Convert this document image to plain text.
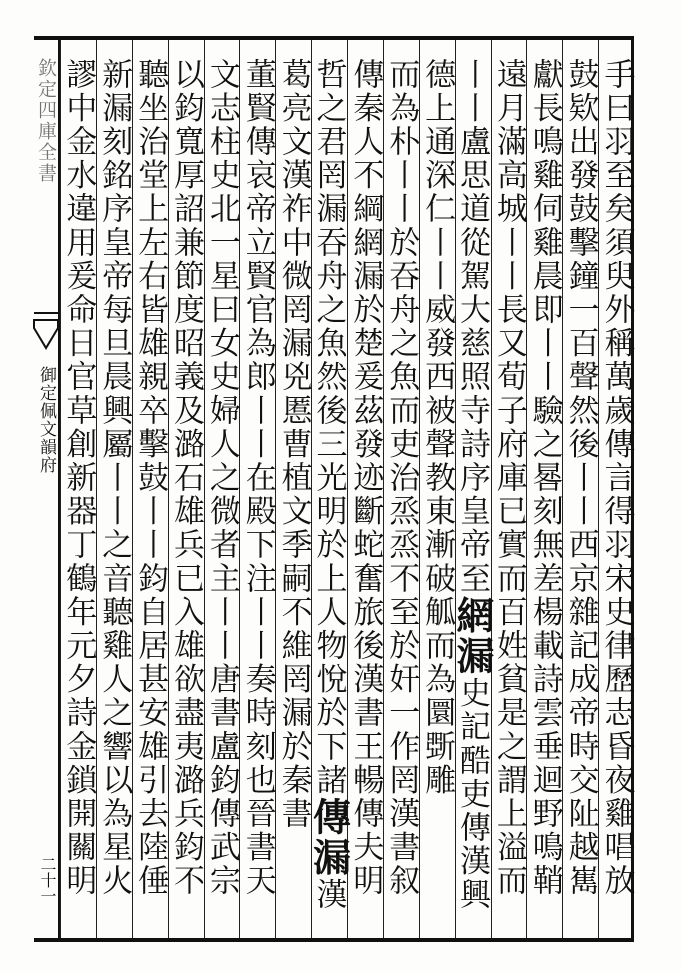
欽定四庫全書
御定佩文韻府
二十一	手曰羽至矣須臾外稱萬歲傳言得羽宋史律歷志昏夜雞唱放
鼓欵出發鼓擊鐘一百聲然後丨丨西京雜記成帝時交阯越嶲
獻長鳴雞伺雞晨即丨丨驗之晷刻無差楊載詩雲垂迴野鳴鞘
遠月滿高城丨丨長又荀子府庫已實而百姓貧是之謂上溢而
丨丨盧思道從駕大慈照寺詩序皇帝至網漏史記酷吏傳漢興
德上通深仁丨丨威發西被聲教東漸破觚而為圜斲雕
而為朴丨丨於吞舟之魚而吏治烝烝不至於奸一作罔漢書叙
傳秦人不綱網漏於楚爰茲發迹斷蛇奮旅後漢書王暢傳夫明
哲之君罔漏吞舟之魚然後三光明於上人物悅於下諸傳漏漢
葛亮文漢祚中微罔漏兇慝曹植文季嗣不維罔漏於秦書
董賢傳哀帝立賢官為郎丨丨在殿下注丨丨奏時刻也晉書天
文志柱史北一星曰女史婦人之微者主丨丨唐書盧鈞傳武宗
以鈞寬厚詔兼節度昭義及潞石雄兵已入雄欲盡夷潞兵鈞不
聽坐治堂上左右皆雄親卒擊鼓丨丨鈞自居甚安雄引去陸倕
新漏刻銘序皇帝每旦晨興屬丨丨之音聽雞人之響以為星火
謬中金水違用爰命日官草創新器丁鶴年元夕詩金鎖開關明
